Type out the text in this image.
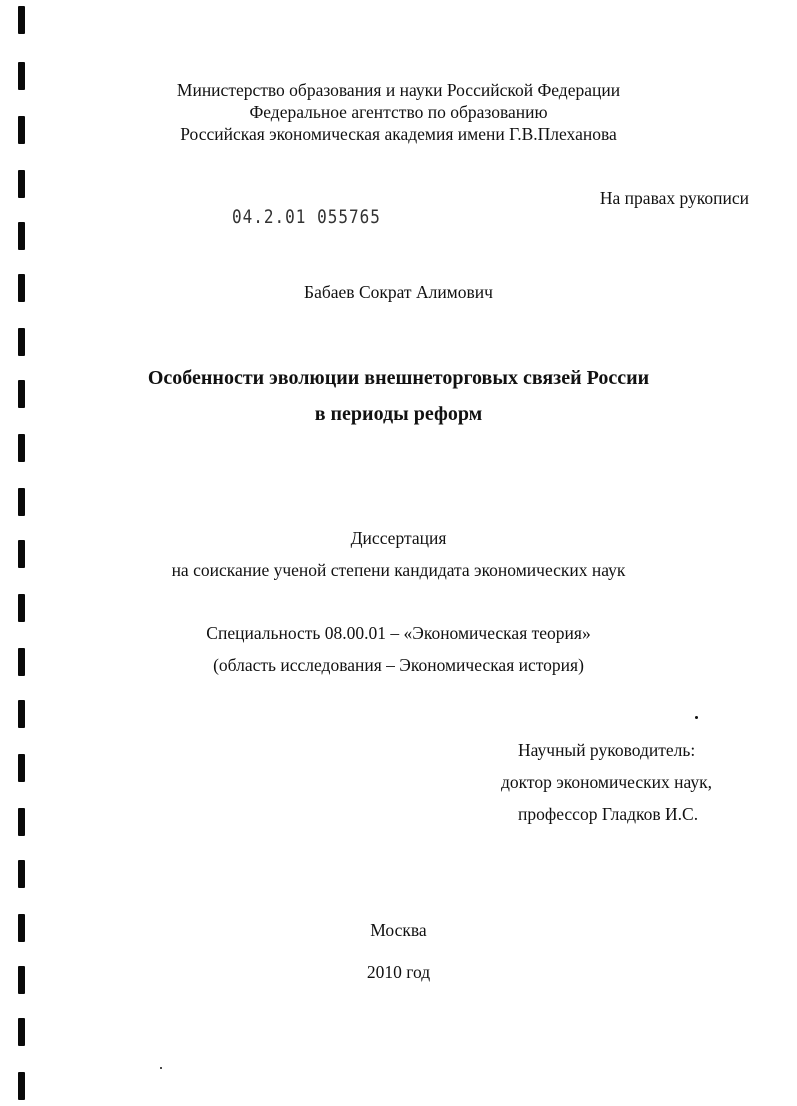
Министерство образования и науки Российской Федерации
Федеральное агентство по образованию
Российская экономическая академия имени Г.В.Плеханова
На правах рукописи
04.2.01 055765
Бабаев Сократ Алимович
Особенности эволюции внешнеторговых связей России
в периоды реформ
Диссертация
на соискание ученой степени кандидата экономических наук
Специальность 08.00.01 – «Экономическая теория»
(область исследования – Экономическая история)
Научный руководитель:
доктор экономических наук,
профессор Гладков И.С.
Москва
2010 год
